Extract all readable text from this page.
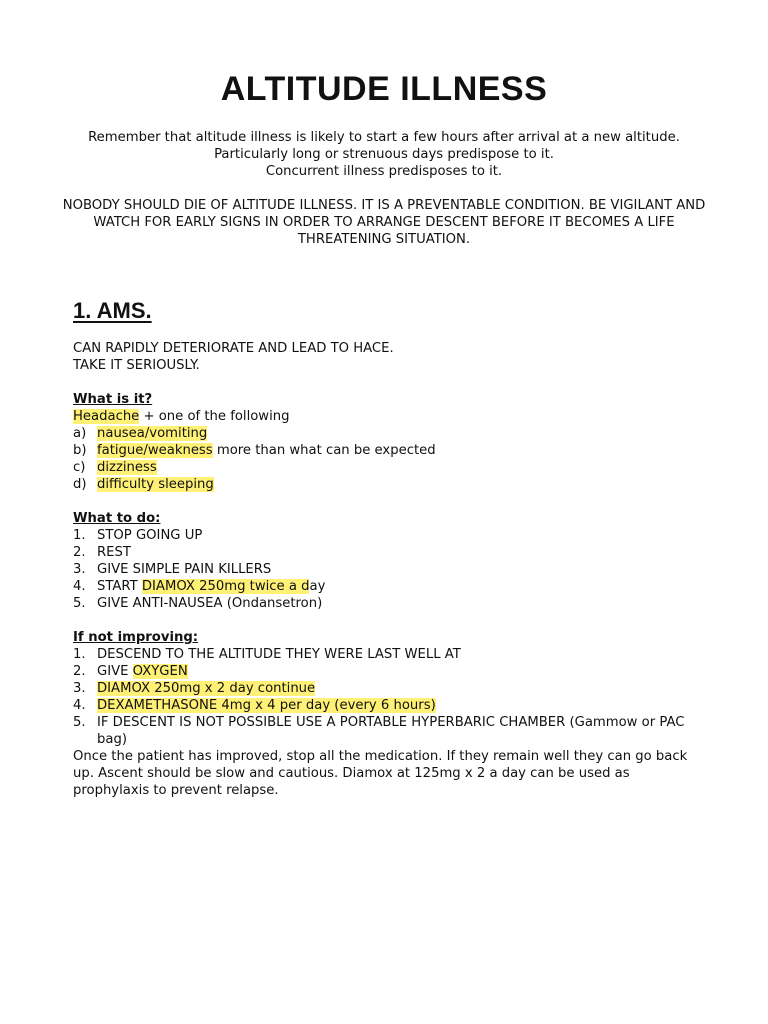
ALTITUDE ILLNESS

Remember that altitude illness is likely to start a few hours after arrival at a new altitude.

Particularly long or strenuous days predispose to it.

Concurrent illness predisposes to it.

NOBODY SHOULD DIE OF ALTITUDE ILLNESS. IT IS A PREVENTABLE CONDITION. BE VIGILANT AND WATCH FOR EARLY SIGNS IN ORDER TO ARRANGE DESCENT BEFORE IT BECOMES A LIFE THREATENING SITUATION.

1. AMS.

CAN RAPIDLY DETERIORATE AND LEAD TO HACE.

TAKE IT SERIOUSLY.

What is it?

Headache + one of the following

a) nausea/vomiting
b) fatigue/weakness more than what can be expected
c) dizziness
d) difficulty sleeping

What to do:

1. STOP GOING UP
2. REST
3. GIVE SIMPLE PAIN KILLERS
4. START DIAMOX 250mg twice a day
5. GIVE ANTI-NAUSEA (Ondansetron)

If not improving:

1. DESCEND TO THE ALTITUDE THEY WERE LAST WELL AT
2. GIVE OXYGEN
3. DIAMOX 250mg x 2 day continue
4. DEXAMETHASONE 4mg x 4 per day (every 6 hours)
5. IF DESCENT IS NOT POSSIBLE USE A PORTABLE HYPERBARIC CHAMBER (Gammow or PAC bag)

Once the patient has improved, stop all the medication. If they remain well they can go back up. Ascent should be slow and cautious. Diamox at 125mg x 2 a day can be used as prophylaxis to prevent relapse.
